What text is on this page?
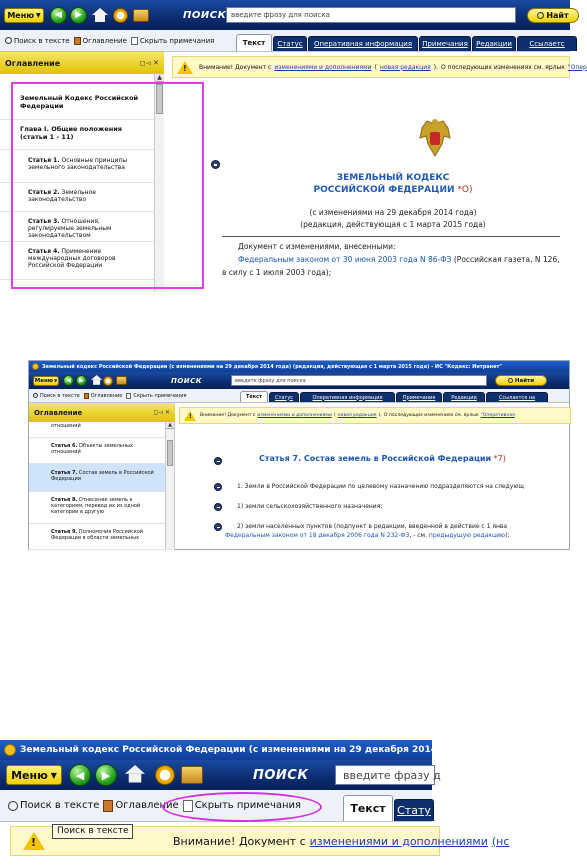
Меню ▼	◀	▶	ПОИСК введите фразу для поиска	Найт
Поиск в тексте Оглавление Скрыть примечания	Текст	Статус	Оперативная информация	Примечания	Редакции	Ссылаетс
Оглавление	◻◅ ✕
Земельный Кодекс Российской Федерации
Глава I. Общие положения (статьи 1 - 11)
Статья 1. Основные принципы земельного законодательства
Статья 2. Земельное законодательство
Статья 3. Отношения, регулируемые земельным законодательством
Статья 4. Применение международных договоров Российской Федерации
▲
! Внимание! Документ с изменениями и дополнениями ( новая редакция ). О последующих изменениях см. ярлык "Опер
ЗЕМЕЛЬНЫЙ КОДЕКС
РОССИЙСКОЙ ФЕДЕРАЦИИ *О)
(с изменениями на 29 декабря 2014 года)
(редакция, действующая с 1 марта 2015 года)
Документ с изменениями, внесенными:
Федеральным законом от 30 июня 2003 года N 86-ФЗ (Российская газета, N 126,
в силу с 1 июля 2003 года);
Земельный кодекс Российской Федерации (с изменениями на 29 декабря 2014 года) (редакция, действующая с 1 марта 2015 года) - ИС "Кодекс: Интранет"
Меню ▼	◀	▶	ПОИСК	введите фразу для поиска	Найти
Поиск в тексте Оглавление Скрыть примечания	Текст	Статус	Оперативная информация	Примечания	Редакции	Ссылается на
Оглавление	◻◅ ✕
отношений
Статья 6. Объекты земельных отношений
Статья 7. Состав земель в Российской Федерации
Статья 8. Отнесение земель к категориям, перевод их из одной категории в другую
Статья 9. Полномочия Российской Федерации в области земельных
▲
! Внимание! Документ с изменениями и дополнениями ( новая редакция ). О последующих изменениях см. ярлык "Оперативная
Статья 7. Состав земель в Российской Федерации *7)
1. Земли в Российской Федерации по целевому назначению подразделяются на следующ
1) земли сельскохозяйственного назначения;
2) земли населенных пунктов (подпункт в редакции, введенной в действие с 1 янва
Федеральным законом от 18 декабря 2006 года N 232-ФЗ, - см. предыдущую редакцию);
Земельный кодекс Российской Федерации (с изменениями на 29 декабря 2014 года) (ре
Меню ▼	◀	▶	ПОИСК	введите фразу д
Поиск в тексте Оглавление Скрыть примечания	Текст	Стату
!	Внимание! Документ с изменениями и дополнениями (нс
Поиск в тексте
